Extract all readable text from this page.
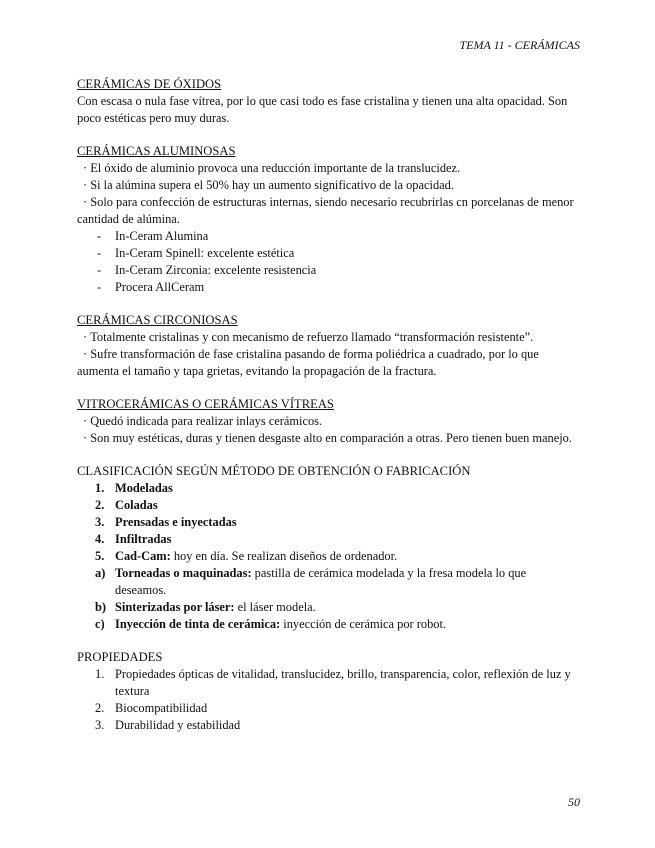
TEMA 11 - CERÁMICAS

CERÁMICAS DE ÓXIDOS

Con escasa o nula fase vítrea, por lo que casi todo es fase cristalina y tienen una alta opacidad. Son poco estéticas pero muy duras.

CERÁMICAS ALUMINOSAS

· El óxido de aluminio provoca una reducción importante de la translucidez.

· Si la alúmina supera el 50% hay un aumento significativo de la opacidad.

· Solo para confección de estructuras internas, siendo necesario recubrirlas cn porcelanas de menor cantidad de alúmina.

- In-Ceram Alumina
- In-Ceram Spinell: excelente estética
- In-Ceram Zirconia: excelente resistencia
- Procera AllCeram

CERÁMICAS CIRCONIOSAS

· Totalmente cristalinas y con mecanismo de refuerzo llamado “transformación resistente”.

· Sufre transformación de fase cristalina pasando de forma poliédrica a cuadrado, por lo que aumenta el tamaño y tapa grietas, evitando la propagación de la fractura.

VITROCERÁMICAS O CERÁMICAS VÍTREAS

· Quedó indicada para realizar inlays cerámicos.

· Son muy estéticas, duras y tienen desgaste alto en comparación a otras. Pero tienen buen manejo.

CLASIFICACIÓN SEGÚN MÉTODO DE OBTENCIÓN O FABRICACIÓN

1. Modeladas
2. Coladas
3. Prensadas e inyectadas
4. Infiltradas
5. Cad-Cam: hoy en día. Se realizan diseños de ordenador.
a) Torneadas o maquinadas: pastilla de cerámica modelada y la fresa modela lo que deseamos.
b) Sinterizadas por láser: el láser modela.
c) Inyección de tinta de cerámica: inyección de cerámica por robot.

PROPIEDADES

1. Propiedades ópticas de vitalidad, translucidez, brillo, transparencia, color, reflexión de luz y textura
2. Biocompatibilidad
3. Durabilidad y estabilidad
50
